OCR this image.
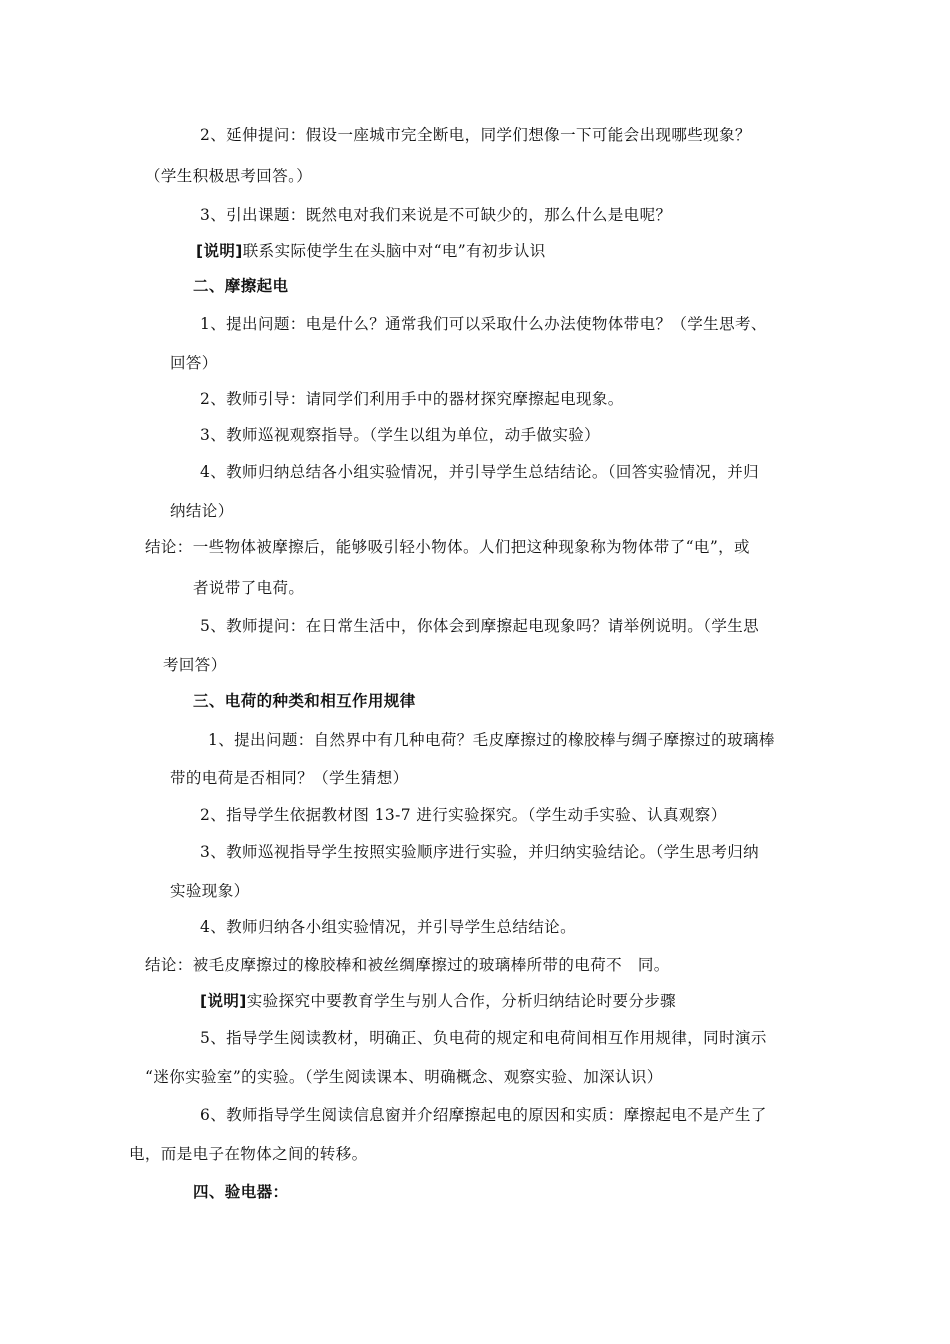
2、延伸提问：假设一座城市完全断电，同学们想像一下可能会出现哪些现象？
（学生积极思考回答。）
3、引出课题：既然电对我们来说是不可缺少的，那么什么是电呢？
[说明]联系实际使学生在头脑中对“电”有初步认识
二、摩擦起电
1、提出问题：电是什么？通常我们可以采取什么办法使物体带电？（学生思考、
回答）
2、教师引导：请同学们利用手中的器材探究摩擦起电现象。
3、教师巡视观察指导。（学生以组为单位，动手做实验）
4、教师归纳总结各小组实验情况，并引导学生总结结论。（回答实验情况，并归
纳结论）
结论：一些物体被摩擦后，能够吸引轻小物体。人们把这种现象称为物体带了“电”，或
者说带了电荷。
5、教师提问：在日常生活中，你体会到摩擦起电现象吗？请举例说明。（学生思
考回答）
三、电荷的种类和相互作用规律
1、提出问题：自然界中有几种电荷？毛皮摩擦过的橡胶棒与绸子摩擦过的玻璃棒
带的电荷是否相同？（学生猜想）
2、指导学生依据教材图 13-7 进行实验探究。（学生动手实验、认真观察）
3、教师巡视指导学生按照实验顺序进行实验，并归纳实验结论。（学生思考归纳
实验现象）
4、教师归纳各小组实验情况，并引导学生总结结论。
结论：被毛皮摩擦过的橡胶棒和被丝绸摩擦过的玻璃棒所带的电荷不　同。
[说明]实验探究中要教育学生与别人合作，分析归纳结论时要分步骤
5、指导学生阅读教材，明确正、负电荷的规定和电荷间相互作用规律，同时演示
“迷你实验室”的实验。（学生阅读课本、明确概念、观察实验、加深认识）
6、教师指导学生阅读信息窗并介绍摩擦起电的原因和实质：摩擦起电不是产生了
电，而是电子在物体之间的转移。
四、验电器：
